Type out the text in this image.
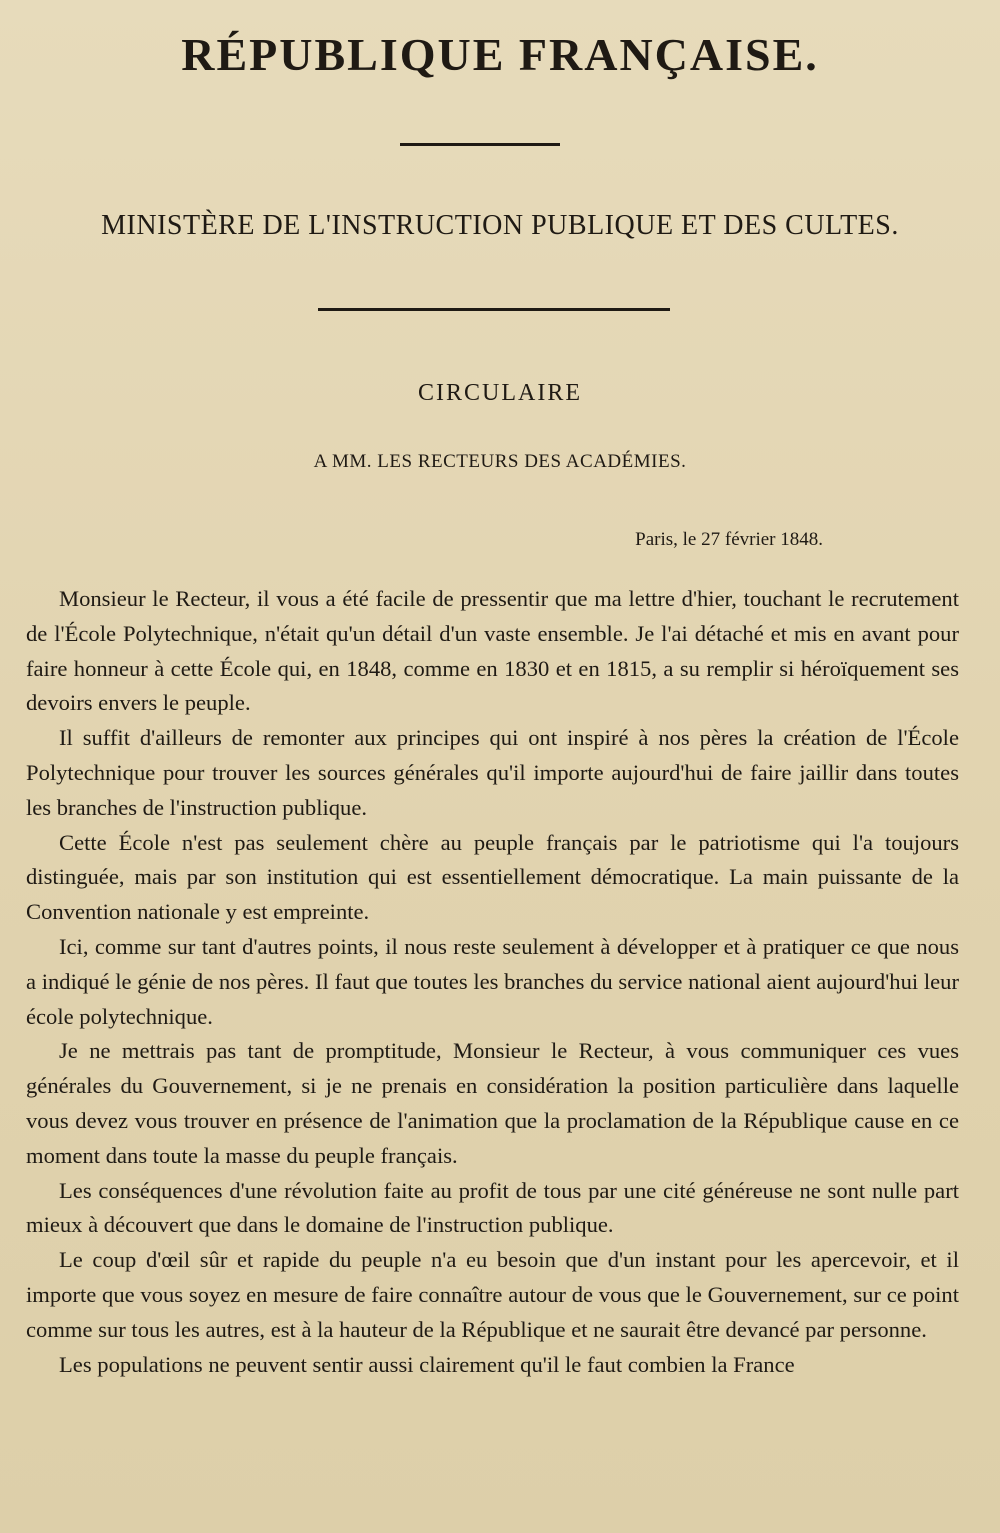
RÉPUBLIQUE FRANÇAISE.
MINISTÈRE DE L'INSTRUCTION PUBLIQUE ET DES CULTES.
CIRCULAIRE
A MM. LES RECTEURS DES ACADÉMIES.
Paris, le 27 février 1848.

Monsieur le Recteur, il vous a été facile de pressentir que ma lettre d'hier, touchant le recrutement de l'École Polytechnique, n'était qu'un détail d'un vaste ensemble. Je l'ai détaché et mis en avant pour faire honneur à cette École qui, en 1848, comme en 1830 et en 1815, a su remplir si héroïquement ses devoirs envers le peuple.

Il suffit d'ailleurs de remonter aux principes qui ont inspiré à nos pères la création de l'École Polytechnique pour trouver les sources générales qu'il importe aujourd'hui de faire jaillir dans toutes les branches de l'instruction publique.

Cette École n'est pas seulement chère au peuple français par le patriotisme qui l'a toujours distinguée, mais par son institution qui est essentiellement démocratique. La main puissante de la Convention nationale y est empreinte.

Ici, comme sur tant d'autres points, il nous reste seulement à développer et à pratiquer ce que nous a indiqué le génie de nos pères. Il faut que toutes les branches du service national aient aujourd'hui leur école polytechnique.

Je ne mettrais pas tant de promptitude, Monsieur le Recteur, à vous communiquer ces vues générales du Gouvernement, si je ne prenais en considération la position particulière dans laquelle vous devez vous trouver en présence de l'animation que la proclamation de la République cause en ce moment dans toute la masse du peuple français.

Les conséquences d'une révolution faite au profit de tous par une cité généreuse ne sont nulle part mieux à découvert que dans le domaine de l'instruction publique.

Le coup d'œil sûr et rapide du peuple n'a eu besoin que d'un instant pour les apercevoir, et il importe que vous soyez en mesure de faire connaître autour de vous que le Gouvernement, sur ce point comme sur tous les autres, est à la hauteur de la République et ne saurait être devancé par personne.

Les populations ne peuvent sentir aussi clairement qu'il le faut combien la France
